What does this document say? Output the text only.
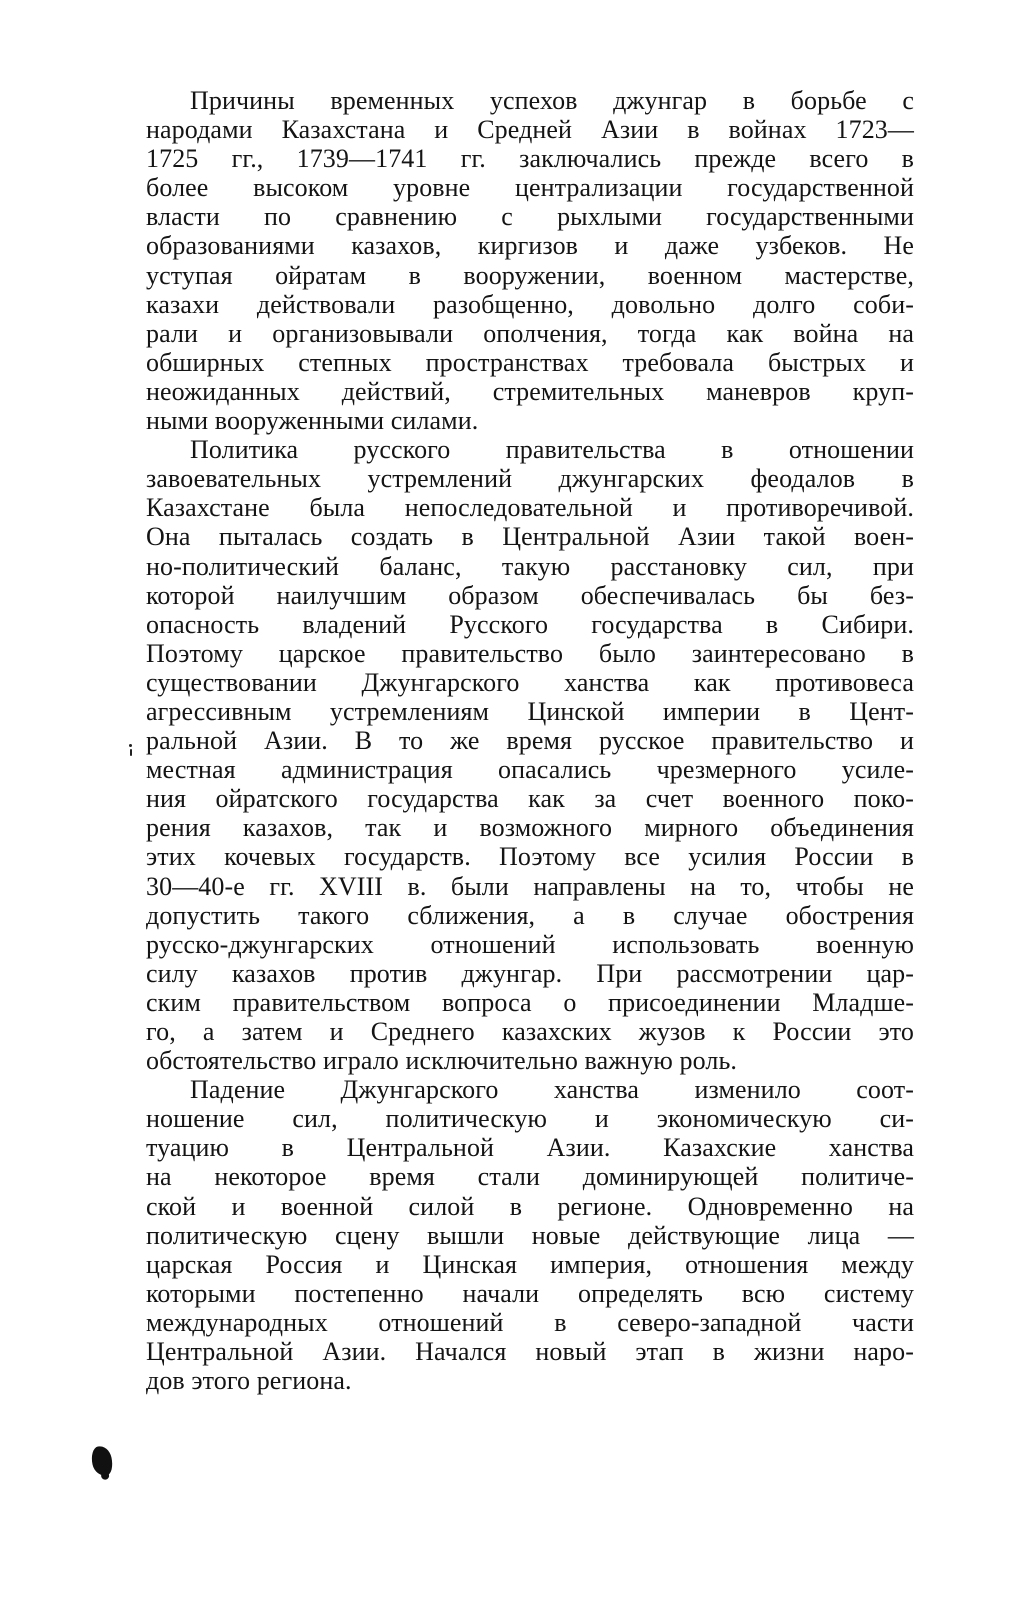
Причины временных успехов джунгар в борьбе с
народами Казахстана и Средней Азии в войнах 1723—
1725 гг., 1739—1741 гг. заключались прежде всего в
более высоком уровне централизации государственной
власти по сравнению с рыхлыми государственными
образованиями казахов, киргизов и даже узбеков. Не
уступая ойратам в вооружении, военном мастерстве,
казахи действовали разобщенно, довольно долго соби-
рали и организовывали ополчения, тогда как война на
обширных степных пространствах требовала быстрых и
неожиданных действий, стремительных маневров круп-
ными вооруженными силами.
Политика русского правительства в отношении
завоевательных устремлений джунгарских феодалов в
Казахстане была непоследовательной и противоречивой.
Она пыталась создать в Центральной Азии такой воен-
но-политический баланс, такую расстановку сил, при
которой наилучшим образом обеспечивалась бы без-
опасность владений Русского государства в Сибири.
Поэтому царское правительство было заинтересовано в
существовании Джунгарского ханства как противовеса
агрессивным устремлениям Цинской империи в Цент-
ральной Азии. В то же время русское правительство и
местная администрация опасались чрезмерного усиле-
ния ойратского государства как за счет военного поко-
рения казахов, так и возможного мирного объединения
этих кочевых государств. Поэтому все усилия России в
30—40-е гг. XVIII в. были направлены на то, чтобы не
допустить такого сближения, а в случае обострения
русско-джунгарских отношений использовать военную
силу казахов против джунгар. При рассмотрении цар-
ским правительством вопроса о присоединении Младше-
го, а затем и Среднего казахских жузов к России это
обстоятельство играло исключительно важную роль.
Падение Джунгарского ханства изменило соот-
ношение сил, политическую и экономическую си-
туацию в Центральной Азии. Казахские ханства
на некоторое время стали доминирующей политиче-
ской и военной силой в регионе. Одновременно на
политическую сцену вышли новые действующие лица —
царская Россия и Цинская империя, отношения между
которыми постепенно начали определять всю систему
международных отношений в северо-западной части
Центральной Азии. Начался новый этап в жизни наро-
дов этого региона.
